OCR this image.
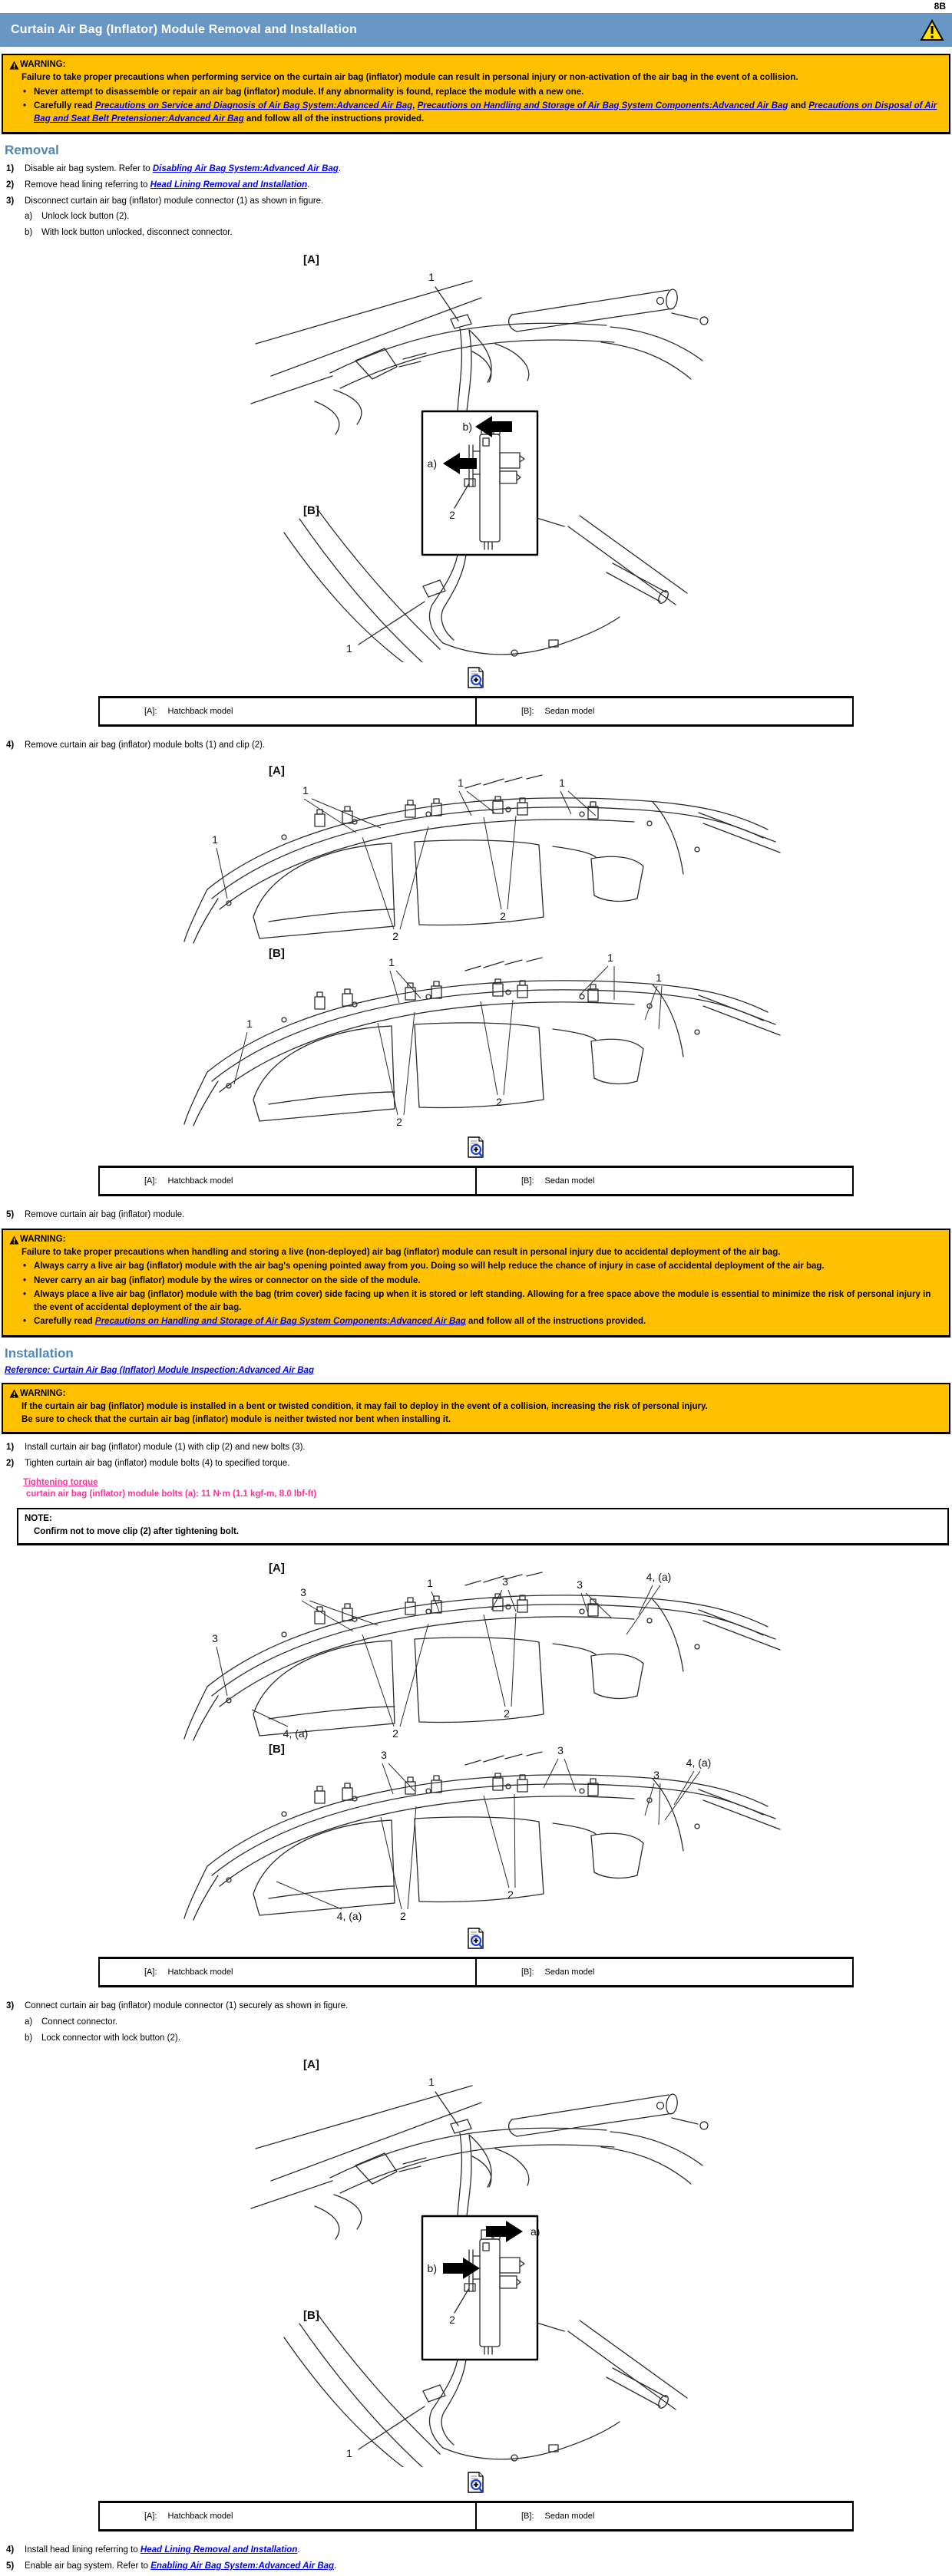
8B
Curtain Air Bag (Inflator) Module Removal and Installation
WARNING:
Failure to take proper precautions when performing service on the curtain air bag (inflator) module can result in personal injury or non-activation of the air bag in the event of a collision.
• Never attempt to disassemble or repair an air bag (inflator) module. If any abnormality is found, replace the module with a new one.
• Carefully read Precautions on Service and Diagnosis of Air Bag System:Advanced Air Bag, Precautions on Handling and Storage of Air Bag System Components:Advanced Air Bag and Precautions on Disposal of Air Bag and Seat Belt Pretensioner:Advanced Air Bag and follow all of the instructions provided.
Removal
1)	Disable air bag system. Refer to Disabling Air Bag System:Advanced Air Bag.
2)	Remove head lining referring to Head Lining Removal and Installation.
3)	Disconnect curtain air bag (inflator) module connector (1) as shown in figure.
a)	Unlock lock button (2).
b)	With lock button unlocked, disconnect connector.
[A]
[B]
1
2
1
b)
a)
[A]: Hatchback model	[B]: Sedan model
4)	Remove curtain air bag (inflator) module bolts (1) and clip (2).
[A]
1
1	1
1
2
2
[B]
1	1
1
1
2
2
[A]: Hatchback model	[B]: Sedan model
5)	Remove curtain air bag (inflator) module.
WARNING:
Failure to take proper precautions when handling and storing a live (non-deployed) air bag (inflator) module can result in personal injury due to accidental deployment of the air bag.
• Always carry a live air bag (inflator) module with the air bag's opening pointed away from you. Doing so will help reduce the chance of injury in case of accidental deployment of the air bag.
• Never carry an air bag (inflator) module by the wires or connector on the side of the module.
• Always place a live air bag (inflator) module with the bag (trim cover) side facing up when it is stored or left standing. Allowing for a free space above the module is essential to minimize the risk of personal injury in the event of accidental deployment of the air bag.
• Carefully read Precautions on Handling and Storage of Air Bag System Components:Advanced Air Bag and follow all of the instructions provided.
Installation
Reference: Curtain Air Bag (Inflator) Module Inspection:Advanced Air Bag
WARNING:
If the curtain air bag (inflator) module is installed in a bent or twisted condition, it may fail to deploy in the event of a collision, increasing the risk of personal injury.
Be sure to check that the curtain air bag (inflator) module is neither twisted nor bent when installing it.
1)	Install curtain air bag (inflator) module (1) with clip (2) and new bolts (3).
2)	Tighten curtain air bag (inflator) module bolts (4) to specified torque.
Tightening torque
curtain air bag (inflator) module bolts (a): 11 N·m (1.1 kgf-m, 8.0 lbf-ft)
NOTE:
Confirm not to move clip (2) after tightening bolt.
[A]
3
1	3	3
3
4, (a)
2
2
4, (a)
[B]	3	3
3
4, (a)
2
2
4, (a)
[A]: Hatchback model	[B]: Sedan model
3)	Connect curtain air bag (inflator) module connector (1) securely as shown in figure.
a)	Connect connector.
b)	Lock connector with lock button (2).
[A]
[B]
1
2
1
a)
b)
[A]: Hatchback model	[B]: Sedan model
4)	Install head lining referring to Head Lining Removal and Installation.
5)	Enable air bag system. Refer to Enabling Air Bag System:Advanced Air Bag.
